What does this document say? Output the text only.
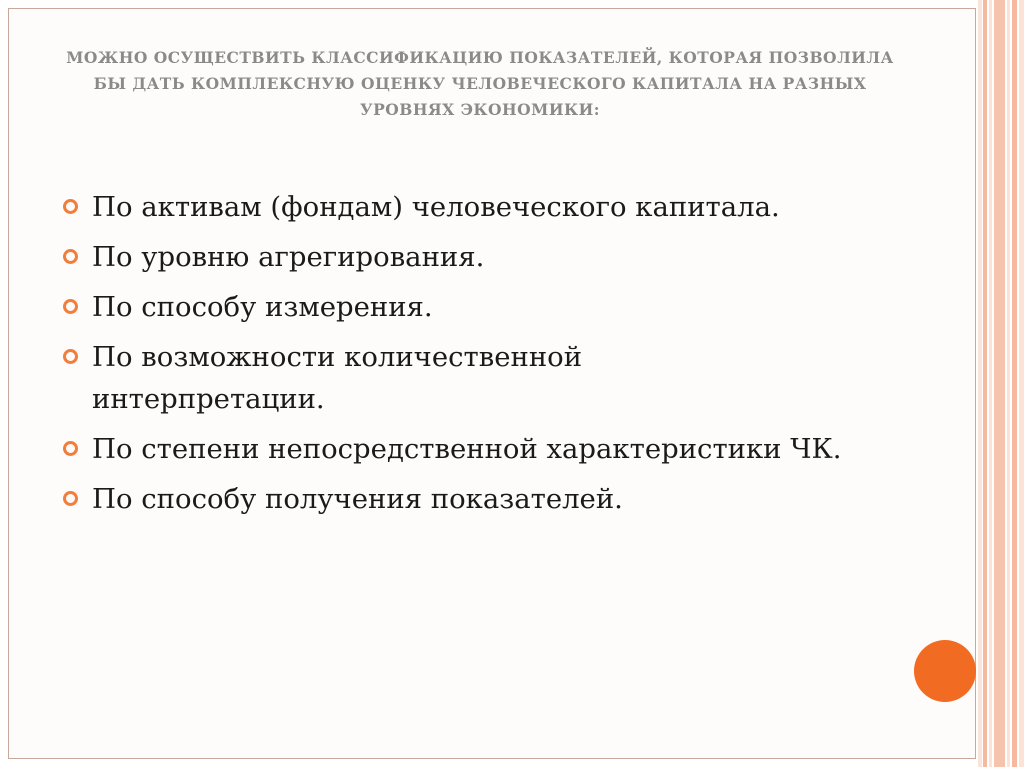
МОЖНО ОСУЩЕСТВИТЬ КЛАССИФИКАЦИЮ ПОКАЗАТЕЛЕЙ, КОТОРАЯ ПОЗВОЛИЛА БЫ ДАТЬ КОМПЛЕКСНУЮ ОЦЕНКУ ЧЕЛОВЕЧЕСКОГО КАПИТАЛА НА РАЗНЫХ УРОВНЯХ ЭКОНОМИКИ:
По активам (фондам) человеческого капитала.
По уровню агрегирования.
По способу измерения.
По возможности количественной интерпретации.
По степени непосредственной характеристики ЧК.
По способу получения показателей.
